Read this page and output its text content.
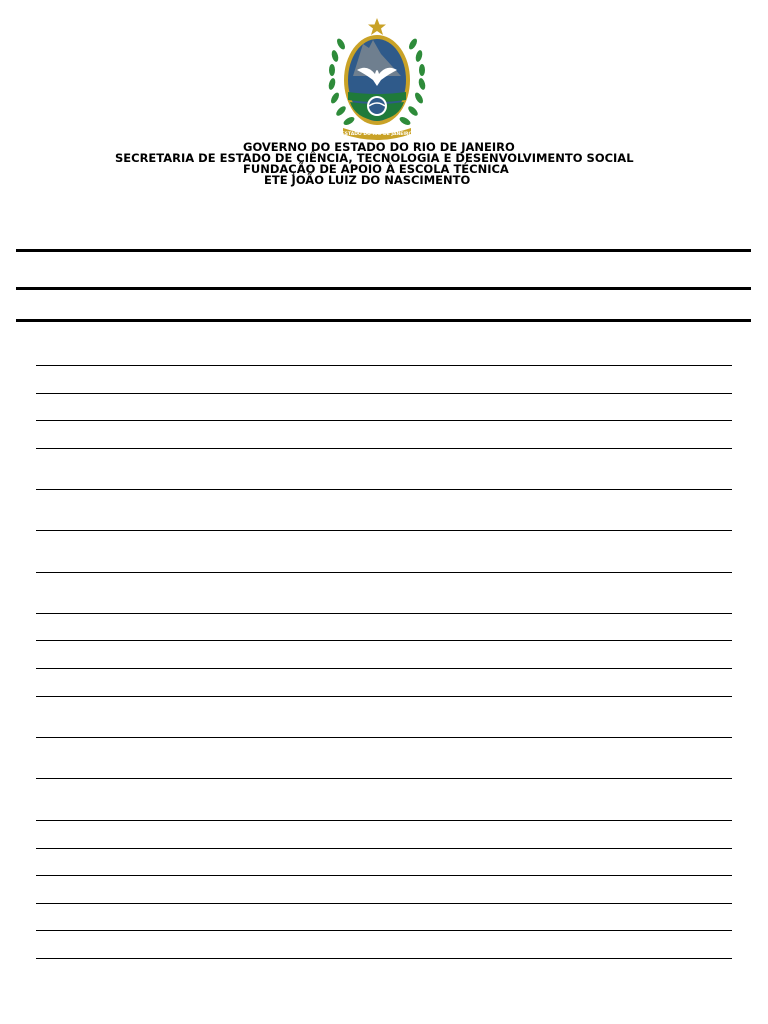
ESTADO DO RIO DE JANEIRO
GOVERNO DO ESTADO DO RIO DE JANEIRO
SECRETARIA DE ESTADO DE CIÊNCIA, TECNOLOGIA E DESENVOLVIMENTO SOCIAL
FUNDAÇÃO DE APOIO À ESCOLA TÉCNICA
ETE JOÃO LUIZ DO NASCIMENTO
